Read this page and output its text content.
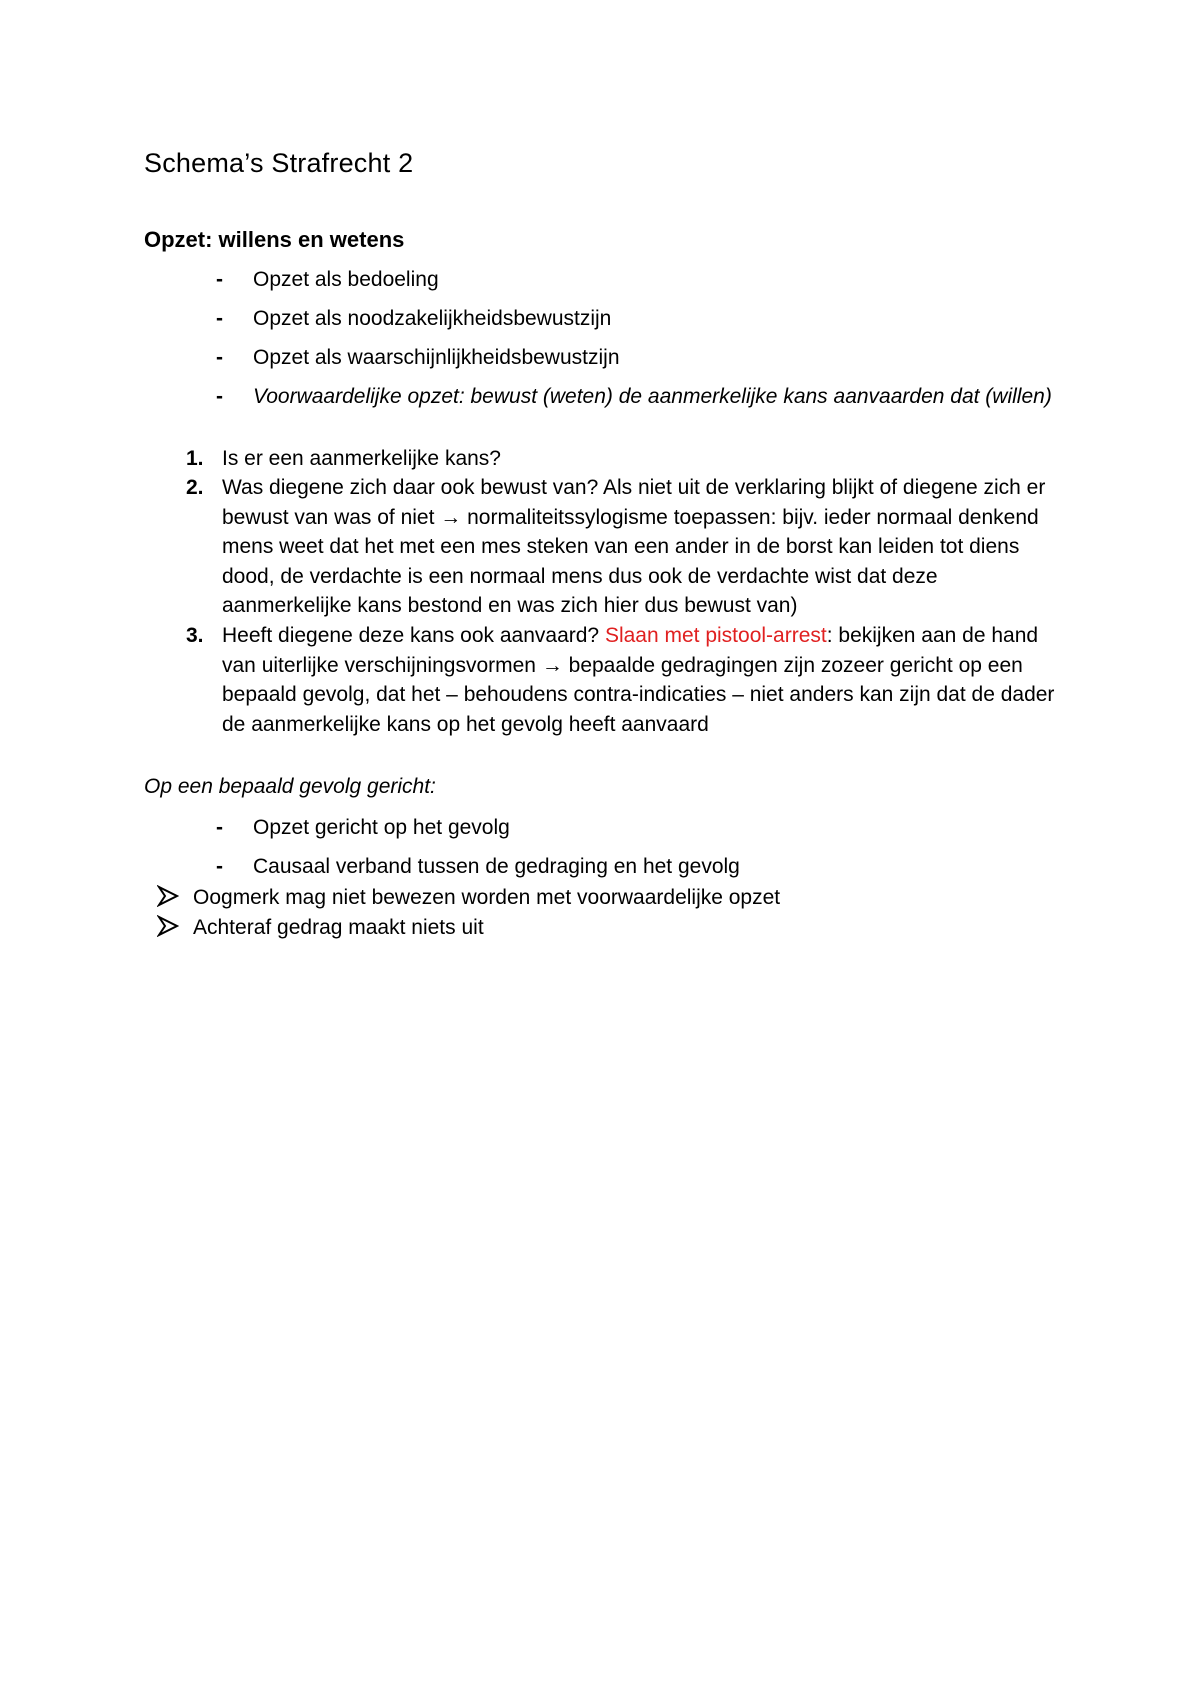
Schema’s Strafrecht 2
Opzet: willens en wetens
- Opzet als bedoeling
- Opzet als noodzakelijkheidsbewustzijn
- Opzet als waarschijnlijkheidsbewustzijn
- Voorwaardelijke opzet: bewust (weten) de aanmerkelijke kans aanvaarden dat (willen)
1. Is er een aanmerkelijke kans?
2. Was diegene zich daar ook bewust van? Als niet uit de verklaring blijkt of diegene zich er bewust van was of niet → normaliteitssylogisme toepassen: bijv. ieder normaal denkend mens weet dat het met een mes steken van een ander in de borst kan leiden tot diens dood, de verdachte is een normaal mens dus ook de verdachte wist dat deze aanmerkelijke kans bestond en was zich hier dus bewust van)
3. Heeft diegene deze kans ook aanvaard? Slaan met pistool-arrest: bekijken aan de hand van uiterlijke verschijningsvormen → bepaalde gedragingen zijn zozeer gericht op een bepaald gevolg, dat het – behoudens contra-indicaties – niet anders kan zijn dat de dader de aanmerkelijke kans op het gevolg heeft aanvaard
Op een bepaald gevolg gericht:
- Opzet gericht op het gevolg
- Causaal verband tussen de gedraging en het gevolg
Oogmerk mag niet bewezen worden met voorwaardelijke opzet
Achteraf gedrag maakt niets uit
